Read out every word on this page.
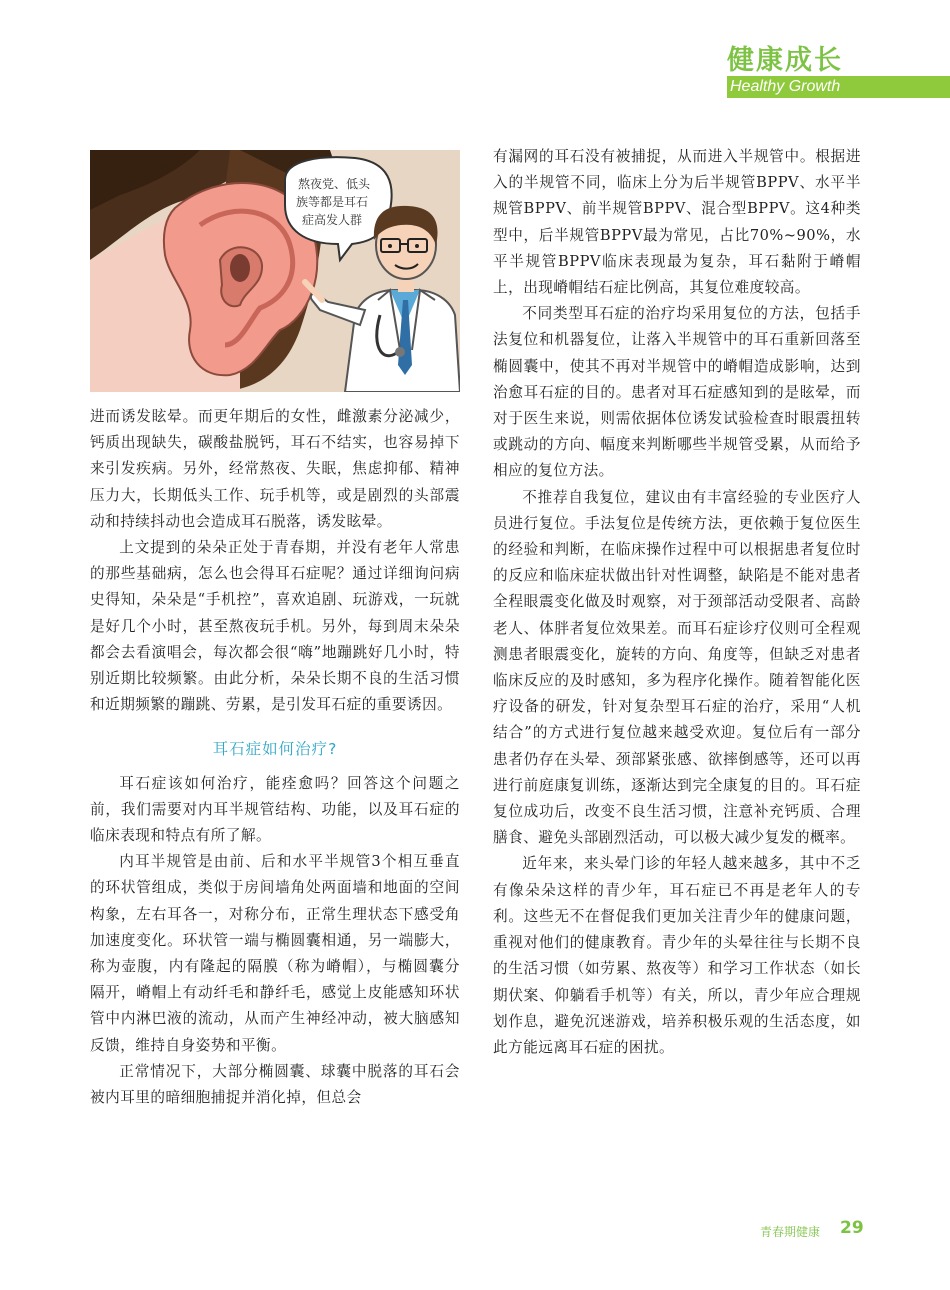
健康成长
Healthy Growth
熬夜党、低头
族等都是耳石
症高发人群

进而诱发眩晕。而更年期后的女性，雌激素分泌减少，钙质出现缺失，碳酸盐脱钙，耳石不结实，也容易掉下来引发疾病。另外，经常熬夜、失眠，焦虑抑郁、精神压力大，长期低头工作、玩手机等，或是剧烈的头部震动和持续抖动也会造成耳石脱落，诱发眩晕。

上文提到的朵朵正处于青春期，并没有老年人常患的那些基础病，怎么也会得耳石症呢？通过详细询问病史得知，朵朵是“手机控”，喜欢追剧、玩游戏，一玩就是好几个小时，甚至熬夜玩手机。另外，每到周末朵朵都会去看演唱会，每次都会很“嗨”地蹦跳好几小时，特别近期比较频繁。由此分析，朵朵长期不良的生活习惯和近期频繁的蹦跳、劳累，是引发耳石症的重要诱因。

耳石症如何治疗?

耳石症该如何治疗，能痊愈吗？回答这个问题之前，我们需要对内耳半规管结构、功能，以及耳石症的临床表现和特点有所了解。

内耳半规管是由前、后和水平半规管3个相互垂直的环状管组成，类似于房间墙角处两面墙和地面的空间构象，左右耳各一，对称分布，正常生理状态下感受角加速度变化。环状管一端与椭圆囊相通，另一端膨大，称为壶腹，内有隆起的隔膜（称为嵴帽），与椭圆囊分隔开，嵴帽上有动纤毛和静纤毛，感觉上皮能感知环状管中内淋巴液的流动，从而产生神经冲动，被大脑感知反馈，维持自身姿势和平衡。

正常情况下，大部分椭圆囊、球囊中脱落的耳石会被内耳里的暗细胞捕捉并消化掉，但总会

有漏网的耳石没有被捕捉，从而进入半规管中。根据进入的半规管不同，临床上分为后半规管BPPV、水平半规管BPPV、前半规管BPPV、混合型BPPV。这4种类型中，后半规管BPPV最为常见，占比70%~90%，水平半规管BPPV临床表现最为复杂，耳石黏附于嵴帽上，出现嵴帽结石症比例高，其复位难度较高。

不同类型耳石症的治疗均采用复位的方法，包括手法复位和机器复位，让落入半规管中的耳石重新回落至椭圆囊中，使其不再对半规管中的嵴帽造成影响，达到治愈耳石症的目的。患者对耳石症感知到的是眩晕，而对于医生来说，则需依据体位诱发试验检查时眼震扭转或跳动的方向、幅度来判断哪些半规管受累，从而给予相应的复位方法。

不推荐自我复位，建议由有丰富经验的专业医疗人员进行复位。手法复位是传统方法，更依赖于复位医生的经验和判断，在临床操作过程中可以根据患者复位时的反应和临床症状做出针对性调整，缺陷是不能对患者全程眼震变化做及时观察，对于颈部活动受限者、高龄老人、体胖者复位效果差。而耳石症诊疗仪则可全程观测患者眼震变化，旋转的方向、角度等，但缺乏对患者临床反应的及时感知，多为程序化操作。随着智能化医疗设备的研发，针对复杂型耳石症的治疗，采用“人机结合”的方式进行复位越来越受欢迎。复位后有一部分患者仍存在头晕、颈部紧张感、欲摔倒感等，还可以再进行前庭康复训练，逐渐达到完全康复的目的。耳石症复位成功后，改变不良生活习惯，注意补充钙质、合理膳食、避免头部剧烈活动，可以极大减少复发的概率。

近年来，来头晕门诊的年轻人越来越多，其中不乏有像朵朵这样的青少年，耳石症已不再是老年人的专利。这些无不在督促我们更加关注青少年的健康问题，重视对他们的健康教育。青少年的头晕往往与长期不良的生活习惯（如劳累、熬夜等）和学习工作状态（如长期伏案、仰躺看手机等）有关，所以，青少年应合理规划作息，避免沉迷游戏，培养积极乐观的生活态度，如此方能远离耳石症的困扰。

青春期健康 29
